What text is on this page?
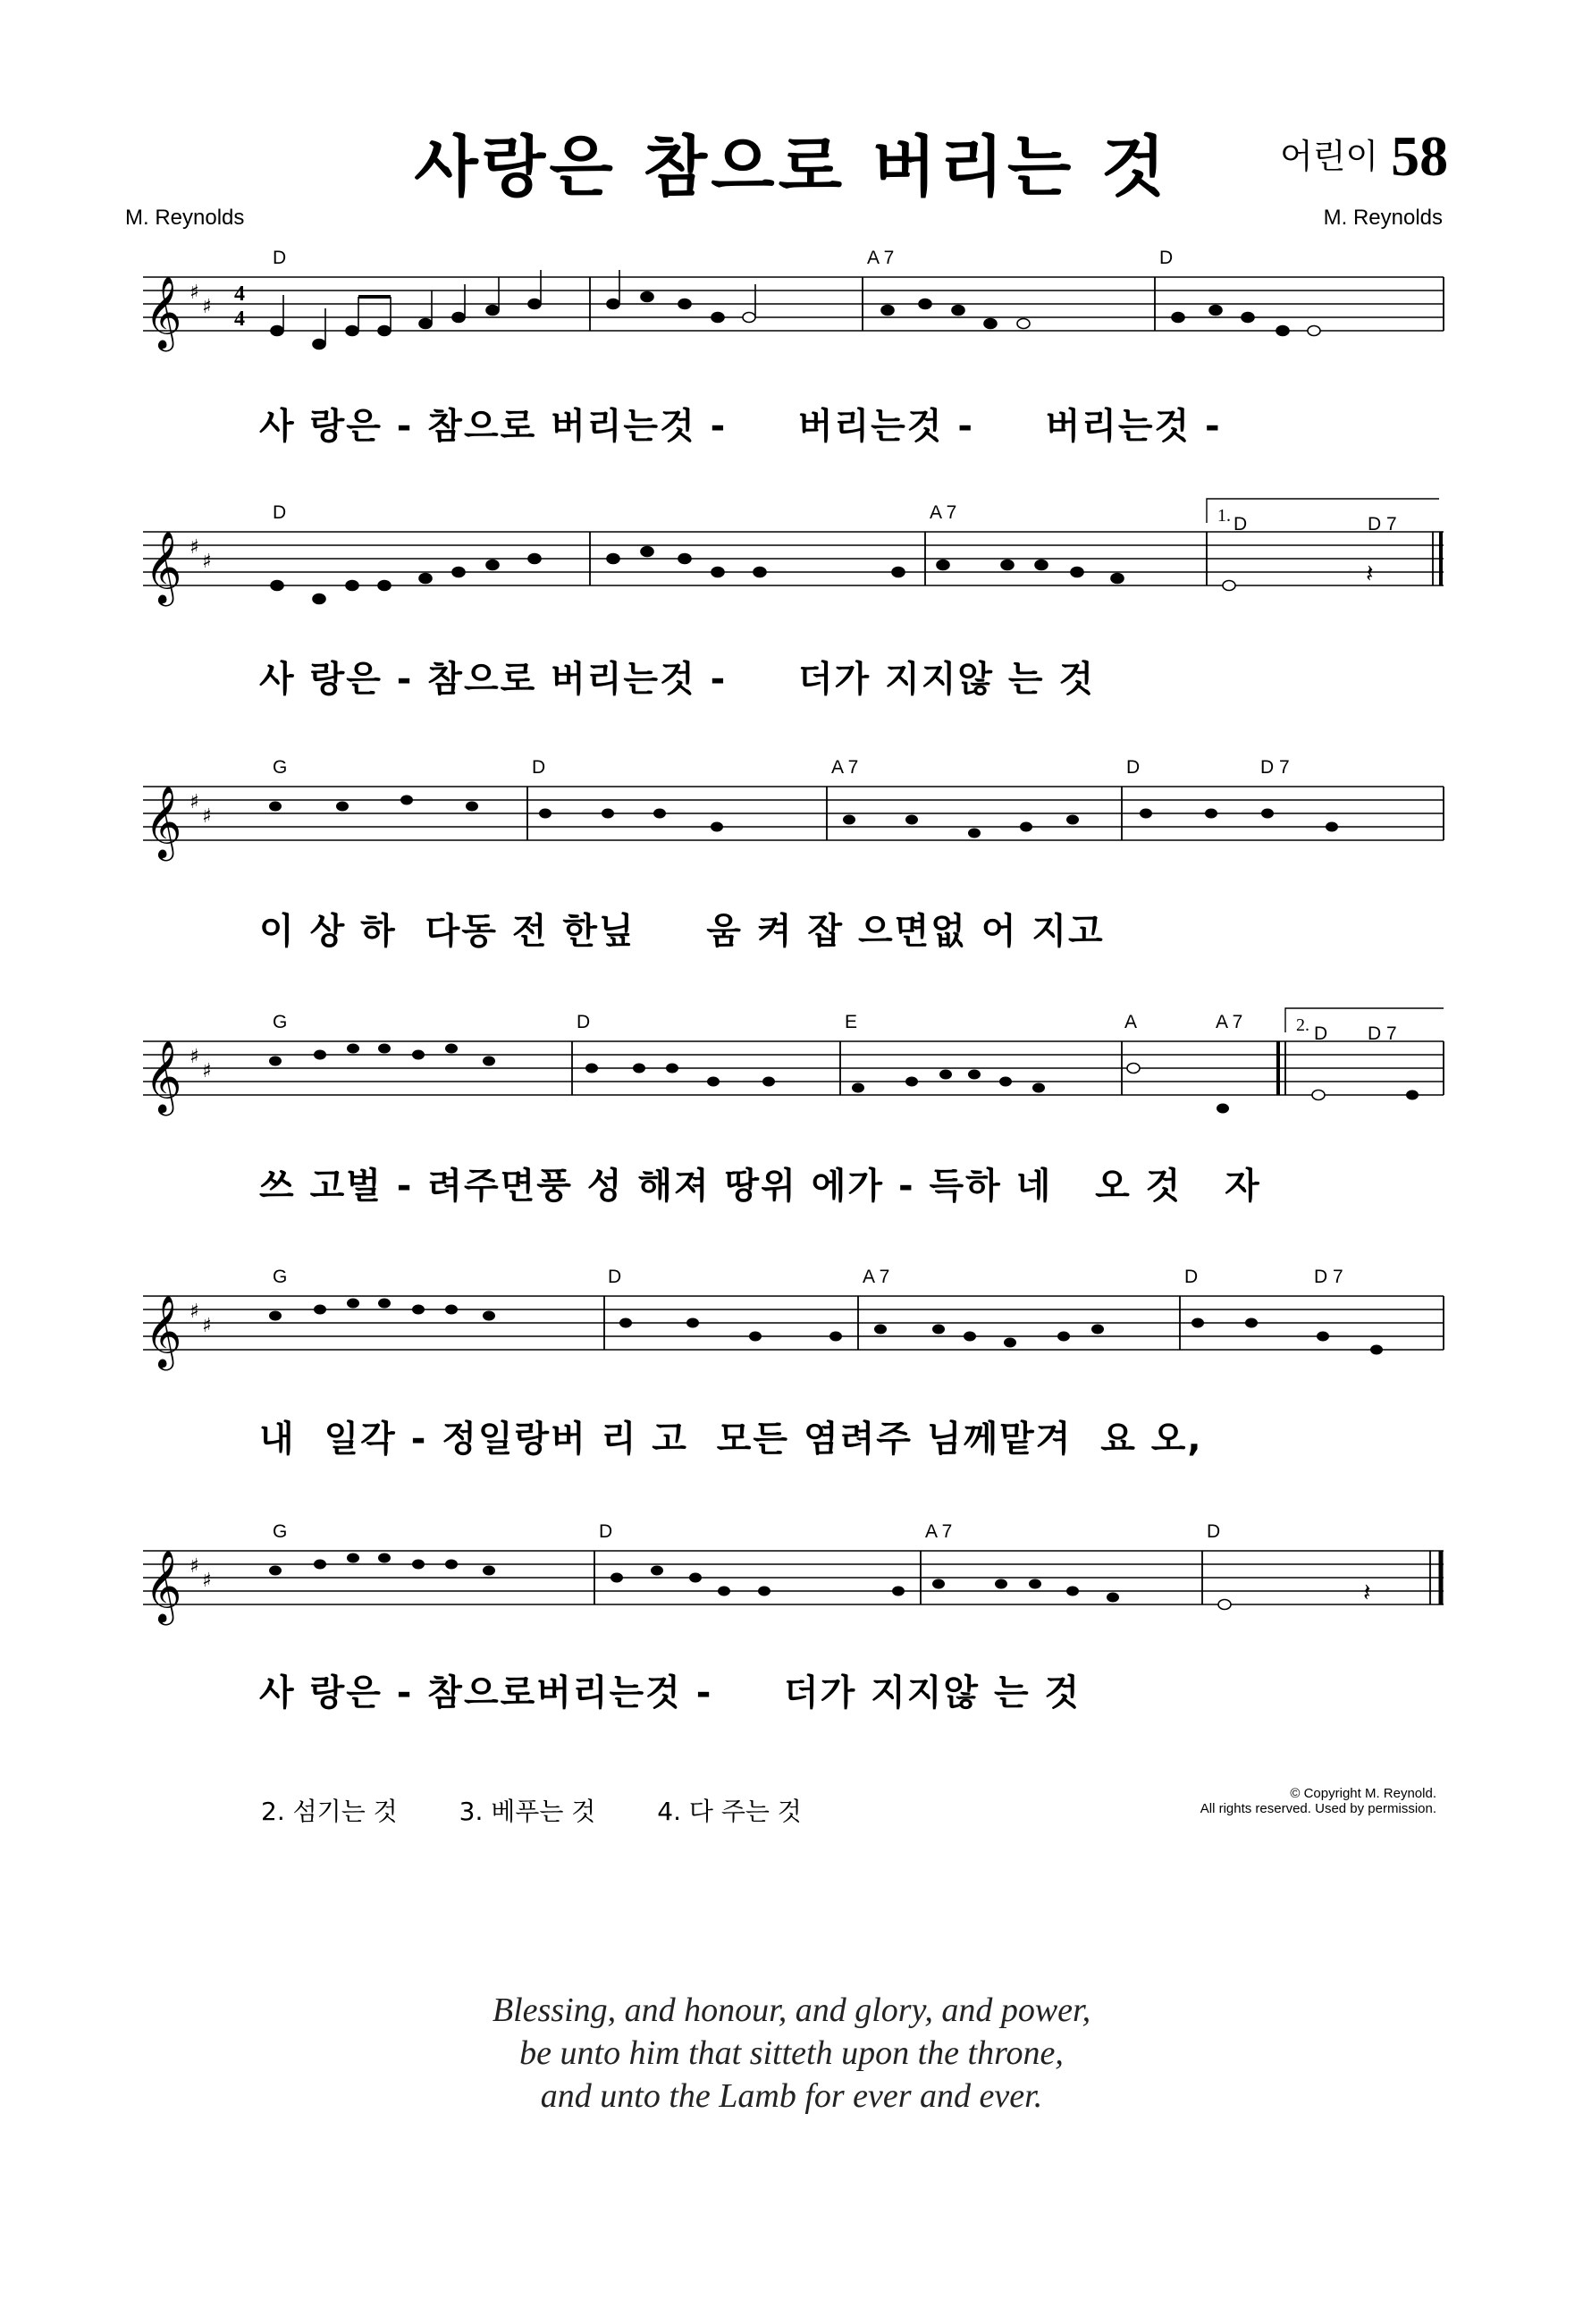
사랑은 참으로 버리는 것	어린이 58
M. Reynolds	M. Reynolds
𝄞 ♯
♯
4
4
D	A 7	D
사 랑은 - 참으로 버리는것 -     버리는것 -     버리는것 -
𝄞 ♯
♯
1.
𝄽
D	A 7
D	D 7
사 랑은 - 참으로 버리는것 -     더가 지지않 는 것
𝄞 ♯
♯
G	D	A 7	D	D 7
이 상 하  다동 전 한닢     움 켜 잡 으면없 어 지고
𝄞 ♯
♯
2.
G	D	E	A	A 7
D D 7
쓰 고벌 - 려주면풍 성 해져 땅위 에가 - 득하 네   오 것   자
𝄞 ♯
♯
G	D	A 7	D	D 7
내  일각 - 정일랑버 리 고  모든 염려주 님께맡겨  요 오,
𝄞 ♯
♯	𝄽
G	D	A 7	D
사 랑은 - 참으로버리는것 -     더가 지지않 는 것
2. 섬기는 것 3. 베푸는 것 4. 다 주는 것
© Copyright M. Reynold.
All rights reserved. Used by permission.
Blessing, and honour, and glory, and power,
be unto him that sitteth upon the throne,
and unto the Lamb for ever and ever.
